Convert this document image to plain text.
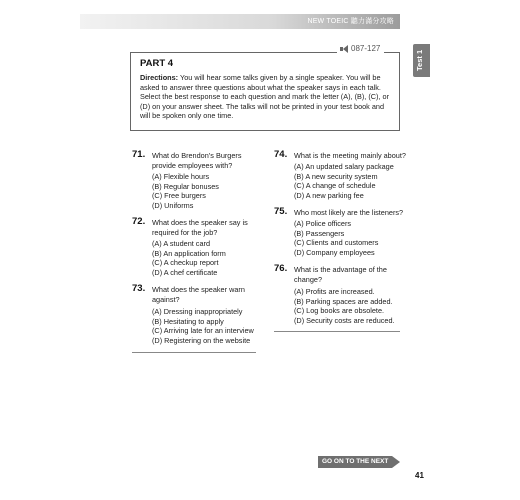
NEW TOEIC 聽力滿分攻略
Test 1
087-127
PART 4
Directions: You will hear some talks given by a single speaker. You will be asked to answer three questions about what the speaker says in each talk. Select the best response to each question and mark the letter (A), (B), (C), or (D) on your answer sheet. The talks will not be printed in your test book and will be spoken only one time.
71. What do Brendon’s Burgers provide employees with?
(A) Flexible hours
(B) Regular bonuses
(C) Free burgers
(D) Uniforms
72. What does the speaker say is required for the job?
(A) A student card
(B) An application form
(C) A checkup report
(D) A chef certificate
73. What does the speaker warn against?
(A) Dressing inappropriately
(B) Hesitating to apply
(C) Arriving late for an interview
(D) Registering on the website
74. What is the meeting mainly about?
(A) An updated salary package
(B) A new security system
(C) A change of schedule
(D) A new parking fee
75. Who most likely are the listeners?
(A) Police officers
(B) Passengers
(C) Clients and customers
(D) Company employees
76. What is the advantage of the change?
(A) Profits are increased.
(B) Parking spaces are added.
(C) Log books are obsolete.
(D) Security costs are reduced.
GO ON TO THE NEXT PAGE	41
